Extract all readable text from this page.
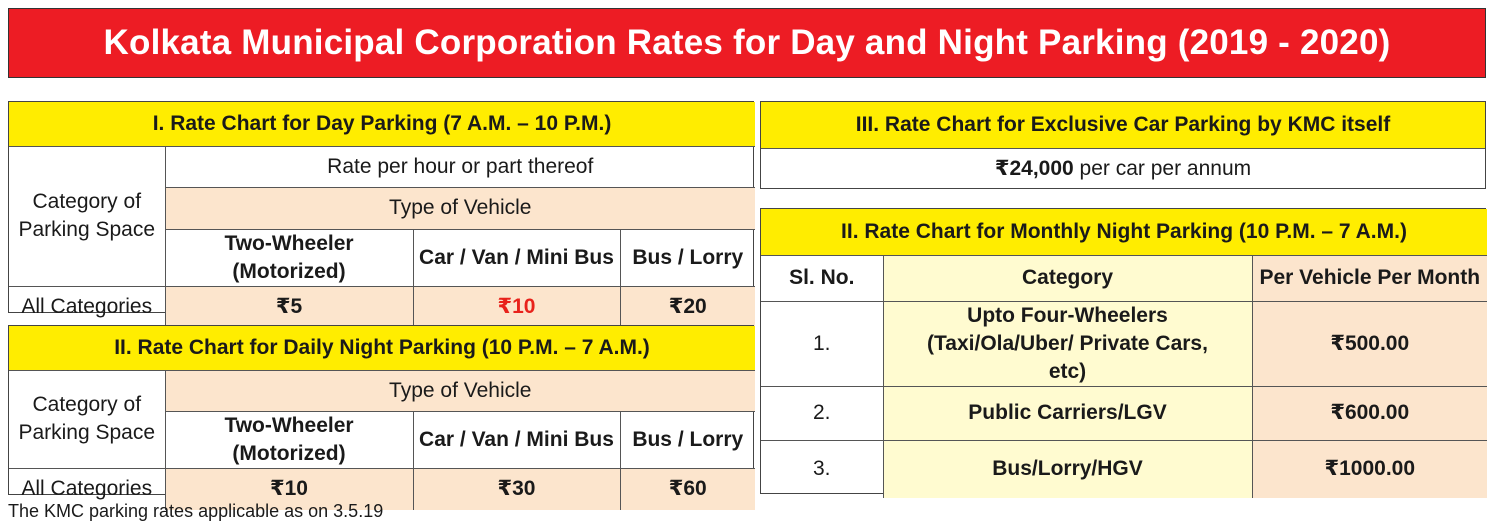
Kolkata Municipal Corporation Rates for Day and Night Parking (2019 - 2020)
I. Rate Chart for Day Parking (7 A.M. – 10 P.M.)			
Category of Parking Space	Rate per hour or part thereof		
	Type of Vehicle		
	Two-Wheeler (Motorized)	Car / Van / Mini Bus	Bus / Lorry
All Categories	₹5	₹10	₹20
II. Rate Chart for Daily Night Parking (10 P.M. – 7 A.M.)			
Category of Parking Space	Type of Vehicle		
	Two-Wheeler (Motorized)	Car / Van / Mini Bus	Bus / Lorry
All Categories	₹10	₹30	₹60
III. Rate Chart for Exclusive Car Parking by KMC itself
₹24,000 per car per annum
II. Rate Chart for Monthly Night Parking (10 P.M. – 7 A.M.)		
Sl. No.	Category	Per Vehicle Per Month
1.	Upto Four-Wheelers (Taxi/Ola/Uber/ Private Cars, etc)	₹500.00
2.	Public Carriers/LGV	₹600.00
3.	Bus/Lorry/HGV	₹1000.00
The KMC parking rates applicable as on 3.5.19
